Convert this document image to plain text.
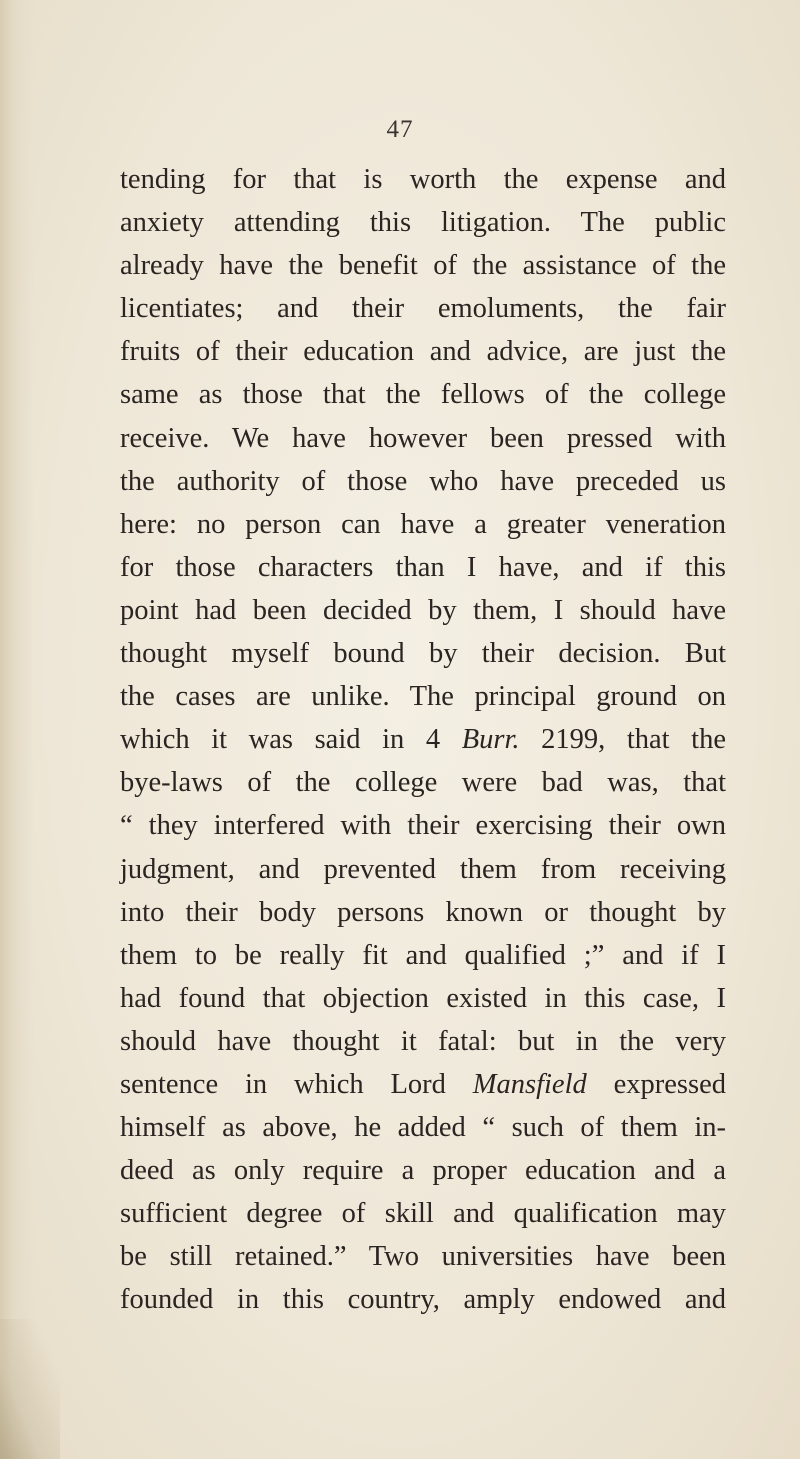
47
tending for that is worth the expense and
anxiety attending this litigation. The public
already have the benefit of the assistance of the
licentiates; and their emoluments, the fair
fruits of their education and advice, are just the
same as those that the fellows of the college
receive. We have however been pressed with
the authority of those who have preceded us
here: no person can have a greater veneration
for those characters than I have, and if this
point had been decided by them, I should have
thought myself bound by their decision. But
the cases are unlike. The principal ground on
which it was said in 4 Burr. 2199, that the
bye-laws of the college were bad was, that
“ they interfered with their exercising their own
judgment, and prevented them from receiving
into their body persons known or thought by
them to be really fit and qualified ;” and if I
had found that objection existed in this case, I
should have thought it fatal: but in the very
sentence in which Lord Mansfield expressed
himself as above, he added “ such of them in-
deed as only require a proper education and a
sufficient degree of skill and qualification may
be still retained.” Two universities have been
founded in this country, amply endowed and
